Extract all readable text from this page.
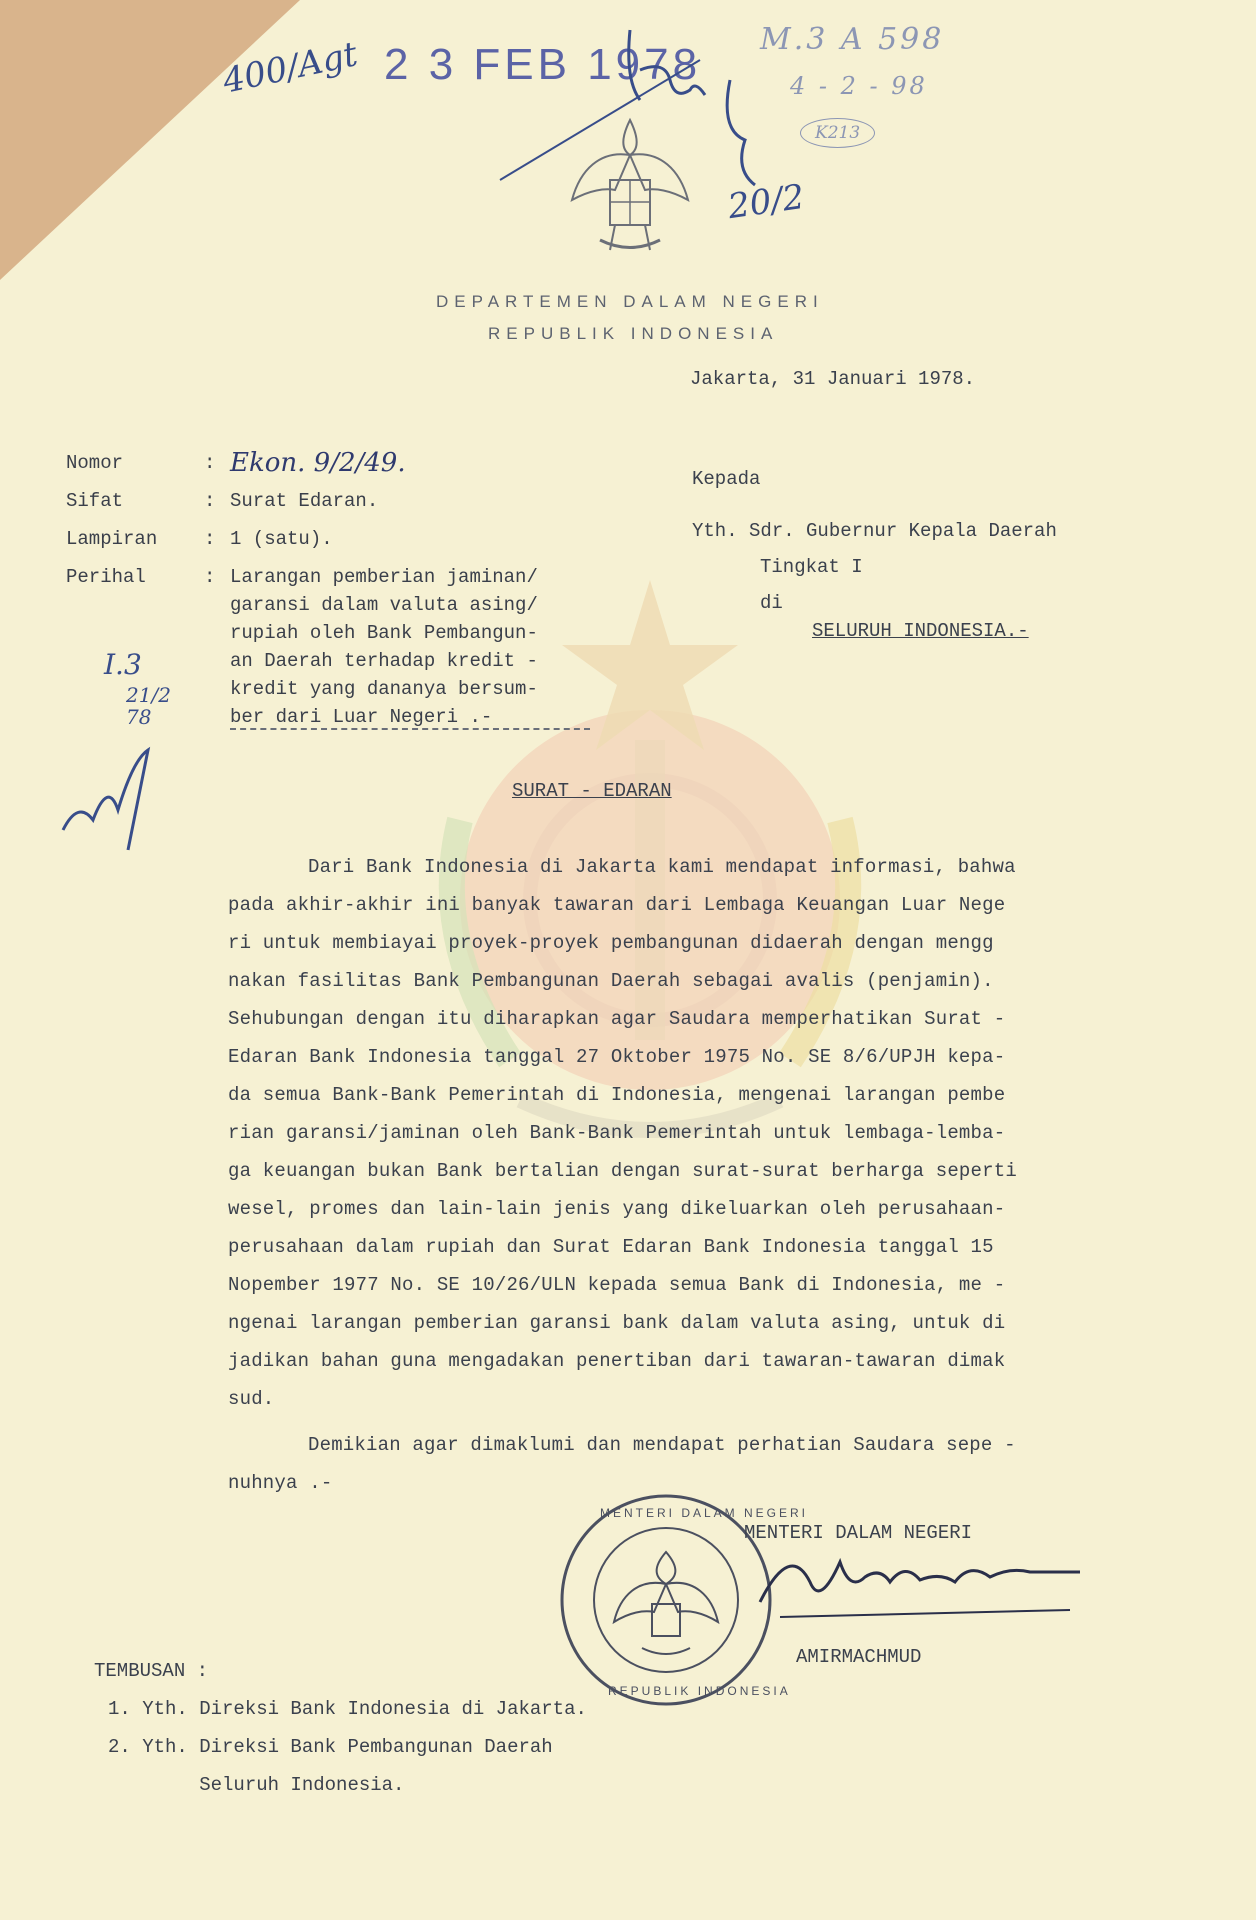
400/Agt 2 3 FEB 1978
M.3 A 598
4 - 2 - 98
K213
20/2
DEPARTEMEN DALAM NEGERI
REPUBLIK INDONESIA
Jakarta, 31 Januari 1978.
Nomor	: Ekon. 9/2/49.
Sifat	: Surat Edaran.
Lampiran : 1 (satu).
Perihal	: Larangan pemberian jaminan/
garansi dalam valuta asing/
rupiah oleh Bank Pembangun-
an Daerah terhadap kredit -
kredit yang dananya bersum-
ber dari Luar Negeri .-
I.3
21/2 78
Kepada
Yth. Sdr. Gubernur Kepala Daerah
Tingkat I
di
SELURUH INDONESIA.-
SURAT - EDARAN
Dari Bank Indonesia di Jakarta kami mendapat informasi, bahwa
pada akhir-akhir ini banyak tawaran dari Lembaga Keuangan Luar Nege
ri untuk membiayai proyek-proyek pembangunan didaerah dengan mengg
nakan fasilitas Bank Pembangunan Daerah sebagai avalis (penjamin).
Sehubungan dengan itu diharapkan agar Saudara memperhatikan Surat -
Edaran Bank Indonesia tanggal 27 Oktober 1975 No. SE 8/6/UPJH kepa-
da semua Bank-Bank Pemerintah di Indonesia, mengenai larangan pembe
rian garansi/jaminan oleh Bank-Bank Pemerintah untuk lembaga-lemba-
ga keuangan bukan Bank bertalian dengan surat-surat berharga seperti
wesel, promes dan lain-lain jenis yang dikeluarkan oleh perusahaan-
perusahaan dalam rupiah dan Surat Edaran Bank Indonesia tanggal 15
Nopember 1977 No. SE 10/26/ULN kepada semua Bank di Indonesia, me -
ngenai larangan pemberian garansi bank dalam valuta asing, untuk di
jadikan bahan guna mengadakan penertiban dari tawaran-tawaran dimak
sud.
Demikian agar dimaklumi dan mendapat perhatian Saudara sepe -
nuhnya .-
MENTERI DALAM NEGERI
REPUBLIK INDONESIA
MENTERI DALAM NEGERI
AMIRMACHMUD
TEMBUSAN :
1. Yth. Direksi Bank Indonesia di Jakarta.
2. Yth. Direksi Bank Pembangunan Daerah
Seluruh Indonesia.
